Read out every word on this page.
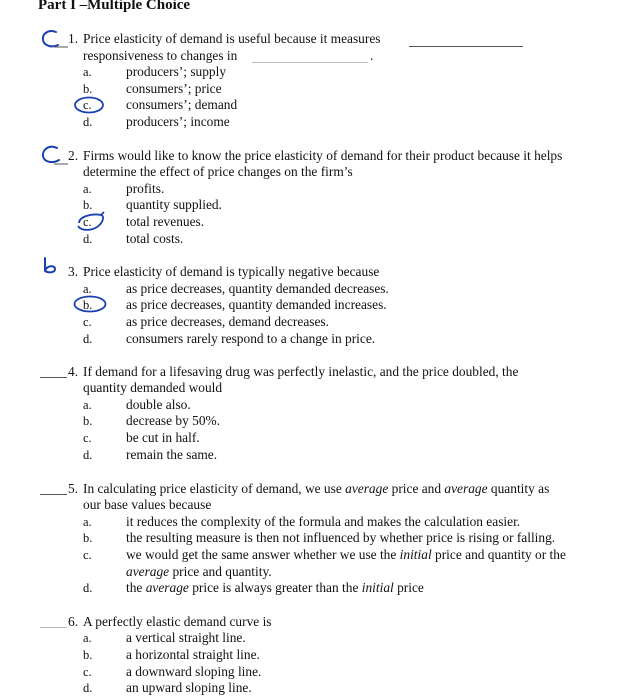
Part I –Multiple Choice
1. Price elasticity of demand is useful because it measures
responsiveness to changes in	.
a.	producers’; supply
b.	consumers’; price
c.	consumers’; demand
d.	producers’; income
2. Firms would like to know the price elasticity of demand for their product because it helps
determine the effect of price changes on the firm’s
a.	profits.
b.	quantity supplied.
c.	total revenues.
d.	total costs.
3. Price elasticity of demand is typically negative because
a.	as price decreases, quantity demanded decreases.
b.	as price decreases, quantity demanded increases.
c.	as price decreases, demand decreases.
d.	consumers rarely respond to a change in price.
4. If demand for a lifesaving drug was perfectly inelastic, and the price doubled, the
quantity demanded would
a.	double also.
b.	decrease by 50%.
c.	be cut in half.
d.	remain the same.
5. In calculating price elasticity of demand, we use average price and average quantity as
our base values because
a.	it reduces the complexity of the formula and makes the calculation easier.
b.	the resulting measure is then not influenced by whether price is rising or falling.
c.	we would get the same answer whether we use the initial price and quantity or the
average price and quantity.
d.	the average price is always greater than the initial price
6. A perfectly elastic demand curve is
a.	a vertical straight line.
b.	a horizontal straight line.
c.	a downward sloping line.
d.	an upward sloping line.
